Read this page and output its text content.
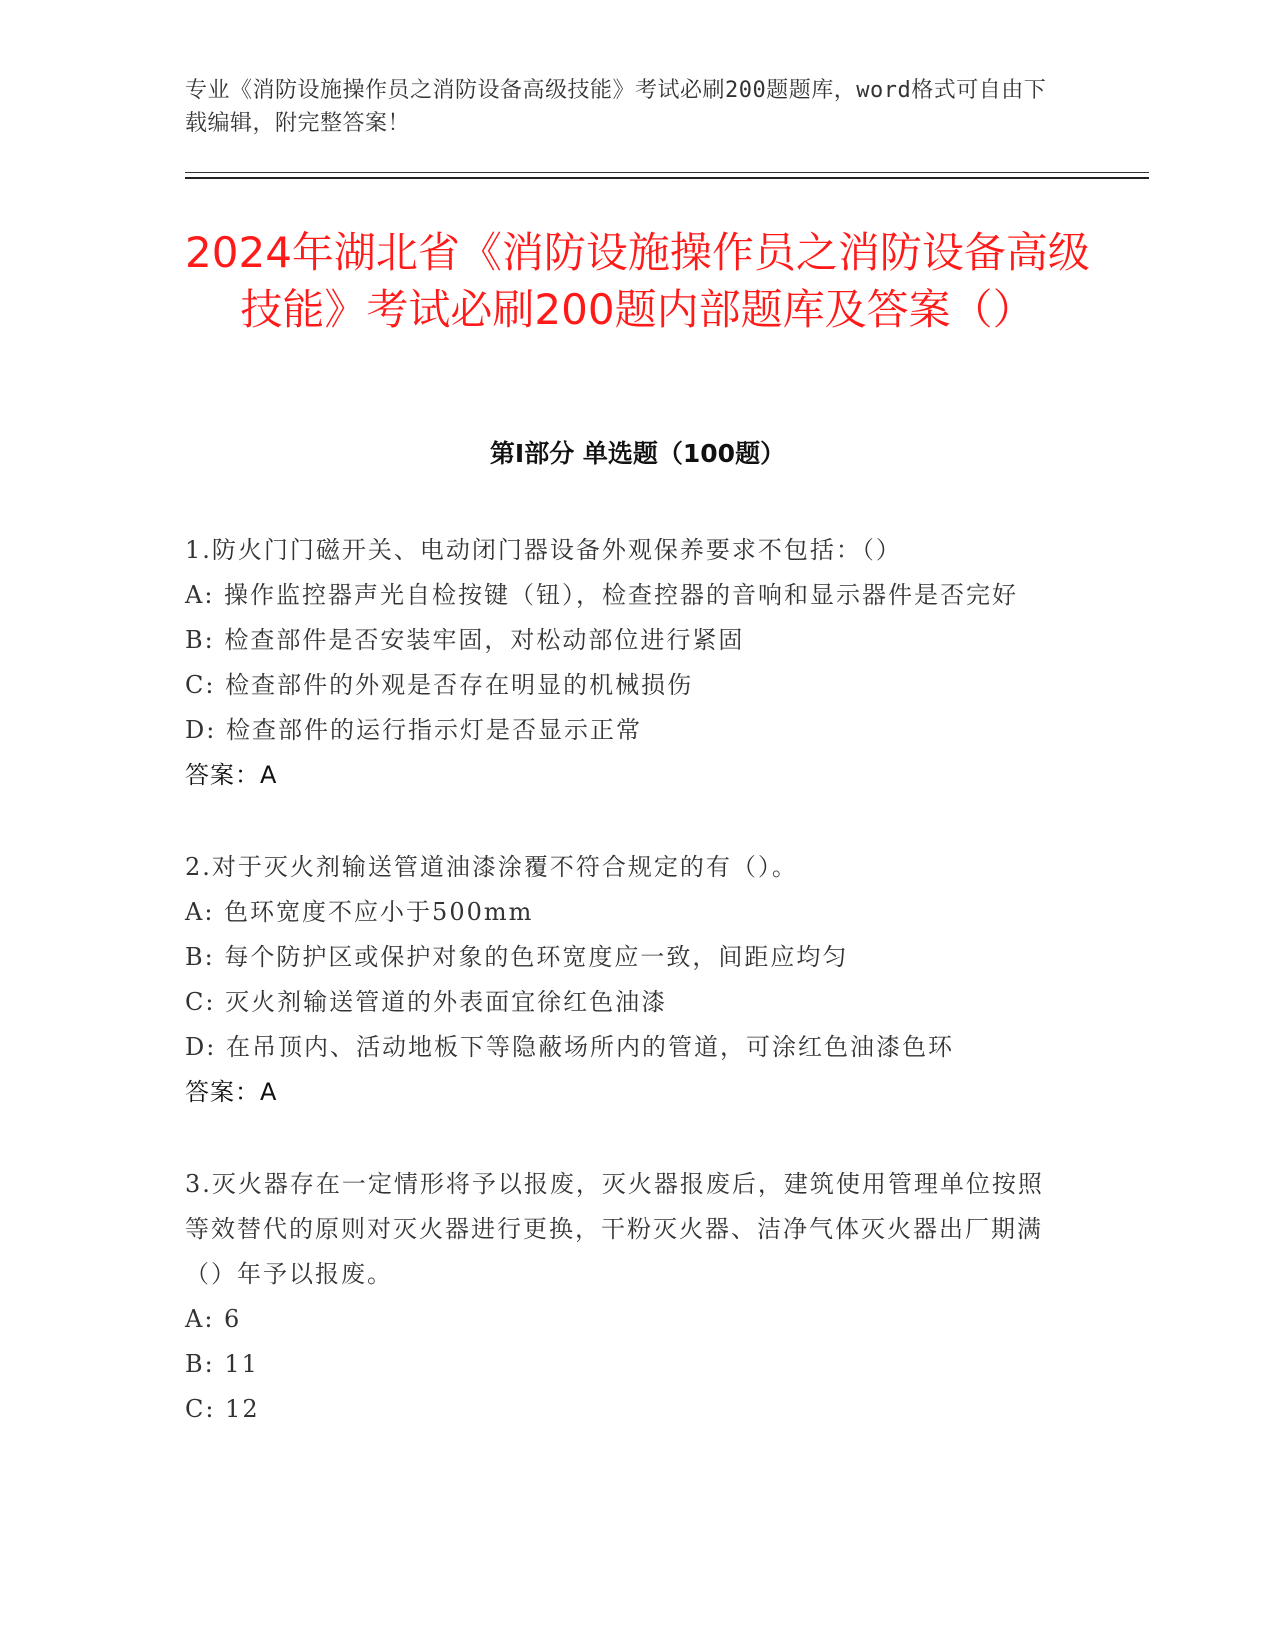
专业《消防设施操作员之消防设备高级技能》考试必刷200题题库，word格式可自由下载编辑，附完整答案！
2024年湖北省《消防设施操作员之消防设备高级技能》考试必刷200题内部题库及答案（）
第I部分 单选题（100题）
1.防火门门磁开关、电动闭门器设备外观保养要求不包括：（）
A: 操作监控器声光自检按键（钮），检查控器的音响和显示器件是否完好
B: 检查部件是否安装牢固，对松动部位进行紧固
C: 检查部件的外观是否存在明显的机械损伤
D: 检查部件的运行指示灯是否显示正常
答案：A
2.对于灭火剂输送管道油漆涂覆不符合规定的有（）。
A: 色环宽度不应小于500mm
B: 每个防护区或保护对象的色环宽度应一致，间距应均匀
C: 灭火剂输送管道的外表面宜徐红色油漆
D: 在吊顶内、活动地板下等隐蔽场所内的管道，可涂红色油漆色环
答案：A
3.灭火器存在一定情形将予以报废，灭火器报废后，建筑使用管理单位按照等效替代的原则对灭火器进行更换，干粉灭火器、洁净气体灭火器出厂期满（）年予以报废。
A: 6
B: 11
C: 12
